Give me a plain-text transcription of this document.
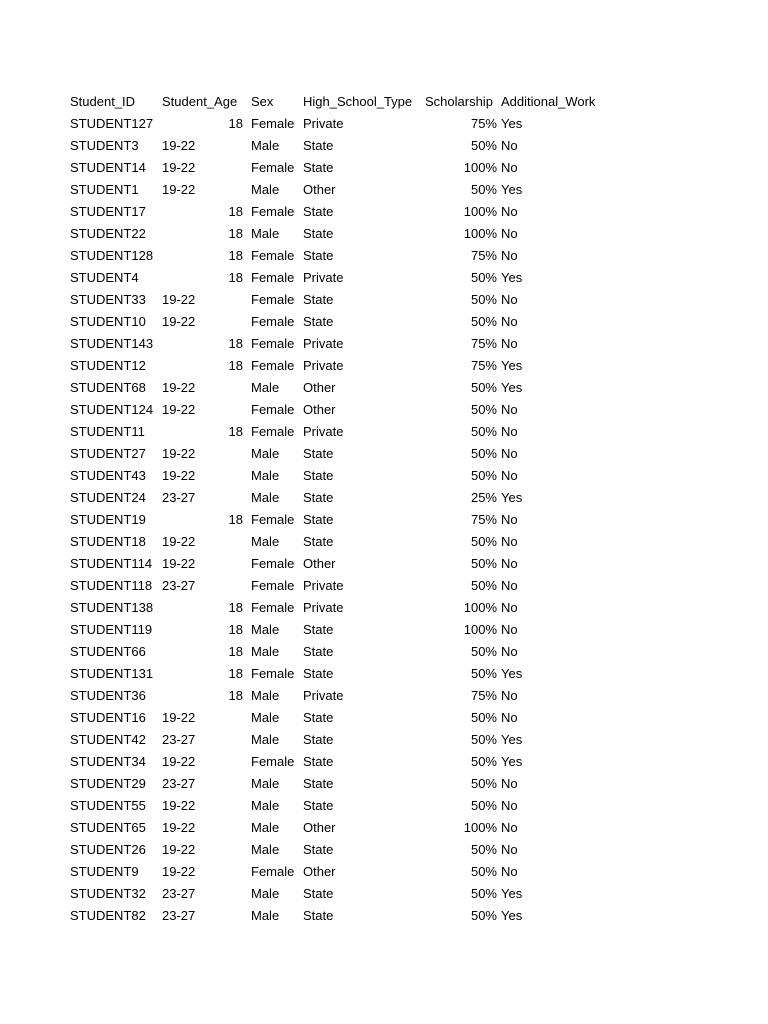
Student_ID	Student_Age	Sex	High_School_Type	Scholarship	Additional_Work
STUDENT127	18	Female	Private	75%	Yes
STUDENT3	19-22	Male	State	50%	No
STUDENT14	19-22	Female	State	100%	No
STUDENT1	19-22	Male	Other	50%	Yes
STUDENT17	18	Female	State	100%	No
STUDENT22	18	Male	State	100%	No
STUDENT128	18	Female	State	75%	No
STUDENT4	18	Female	Private	50%	Yes
STUDENT33	19-22	Female	State	50%	No
STUDENT10	19-22	Female	State	50%	No
STUDENT143	18	Female	Private	75%	No
STUDENT12	18	Female	Private	75%	Yes
STUDENT68	19-22	Male	Other	50%	Yes
STUDENT124	19-22	Female	Other	50%	No
STUDENT11	18	Female	Private	50%	No
STUDENT27	19-22	Male	State	50%	No
STUDENT43	19-22	Male	State	50%	No
STUDENT24	23-27	Male	State	25%	Yes
STUDENT19	18	Female	State	75%	No
STUDENT18	19-22	Male	State	50%	No
STUDENT114	19-22	Female	Other	50%	No
STUDENT118	23-27	Female	Private	50%	No
STUDENT138	18	Female	Private	100%	No
STUDENT119	18	Male	State	100%	No
STUDENT66	18	Male	State	50%	No
STUDENT131	18	Female	State	50%	Yes
STUDENT36	18	Male	Private	75%	No
STUDENT16	19-22	Male	State	50%	No
STUDENT42	23-27	Male	State	50%	Yes
STUDENT34	19-22	Female	State	50%	Yes
STUDENT29	23-27	Male	State	50%	No
STUDENT55	19-22	Male	State	50%	No
STUDENT65	19-22	Male	Other	100%	No
STUDENT26	19-22	Male	State	50%	No
STUDENT9	19-22	Female	Other	50%	No
STUDENT32	23-27	Male	State	50%	Yes
STUDENT82	23-27	Male	State	50%	Yes
